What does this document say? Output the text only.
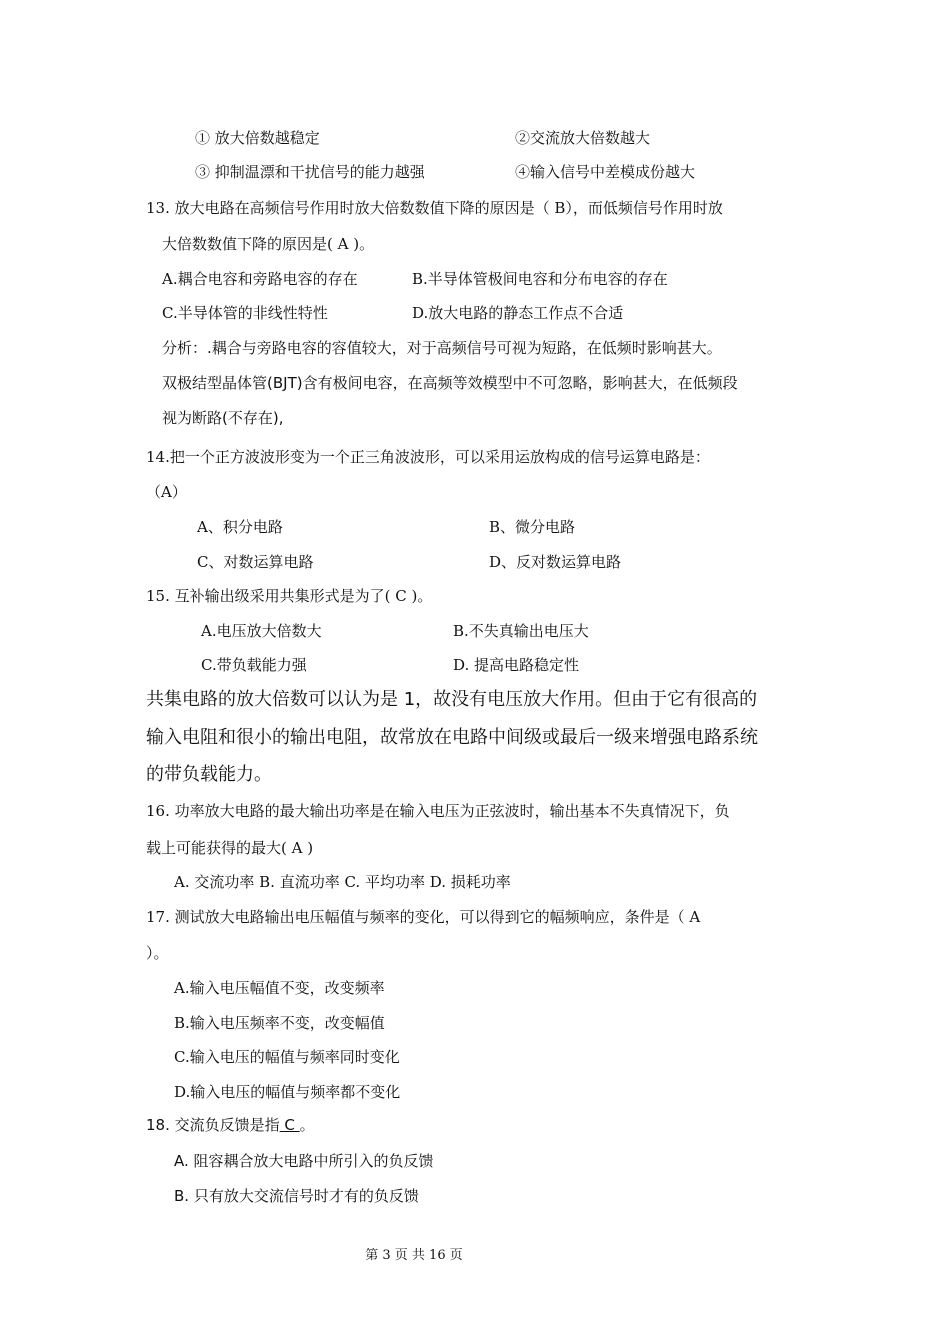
① 放大倍数越稳定	②交流放大倍数越大
③ 抑制温漂和干扰信号的能力越强	④输入信号中差模成份越大
13. 放大电路在高频信号作用时放大倍数数值下降的原因是（ B），而低频信号作用时放
大倍数数值下降的原因是( A )。
A.耦合电容和旁路电容的存在	B.半导体管极间电容和分布电容的存在
C.半导体管的非线性特性	D.放大电路的静态工作点不合适
分析：.耦合与旁路电容的容值较大，对于高频信号可视为短路，在低频时影响甚大。
双极结型晶体管(BJT)含有极间电容，在高频等效模型中不可忽略，影响甚大，在低频段
视为断路(不存在),
14.把一个正方波波形变为一个正三角波波形，可以采用运放构成的信号运算电路是：
（A）
A、积分电路	B、微分电路
C、对数运算电路	D、反对数运算电路
15. 互补输出级采用共集形式是为了( C )。
A.电压放大倍数大	B.不失真输出电压大
C.带负载能力强	D. 提高电路稳定性
共集电路的放大倍数可以认为是 1，故没有电压放大作用。但由于它有很高的
输入电阻和很小的输出电阻，故常放在电路中间级或最后一级来增强电路系统
的带负载能力。
16. 功率放大电路的最大输出功率是在输入电压为正弦波时，输出基本不失真情况下，负
载上可能获得的最大( A )
A. 交流功率 B. 直流功率 C. 平均功率 D. 损耗功率
17. 测试放大电路输出电压幅值与频率的变化，可以得到它的幅频响应，条件是（ A
）。
A.输入电压幅值不变，改变频率
B.输入电压频率不变，改变幅值
C.输入电压的幅值与频率同时变化
D.输入电压的幅值与频率都不变化
18. 交流负反馈是指 C 。
A. 阻容耦合放大电路中所引入的负反馈
B. 只有放大交流信号时才有的负反馈
第 3 页 共 16 页
